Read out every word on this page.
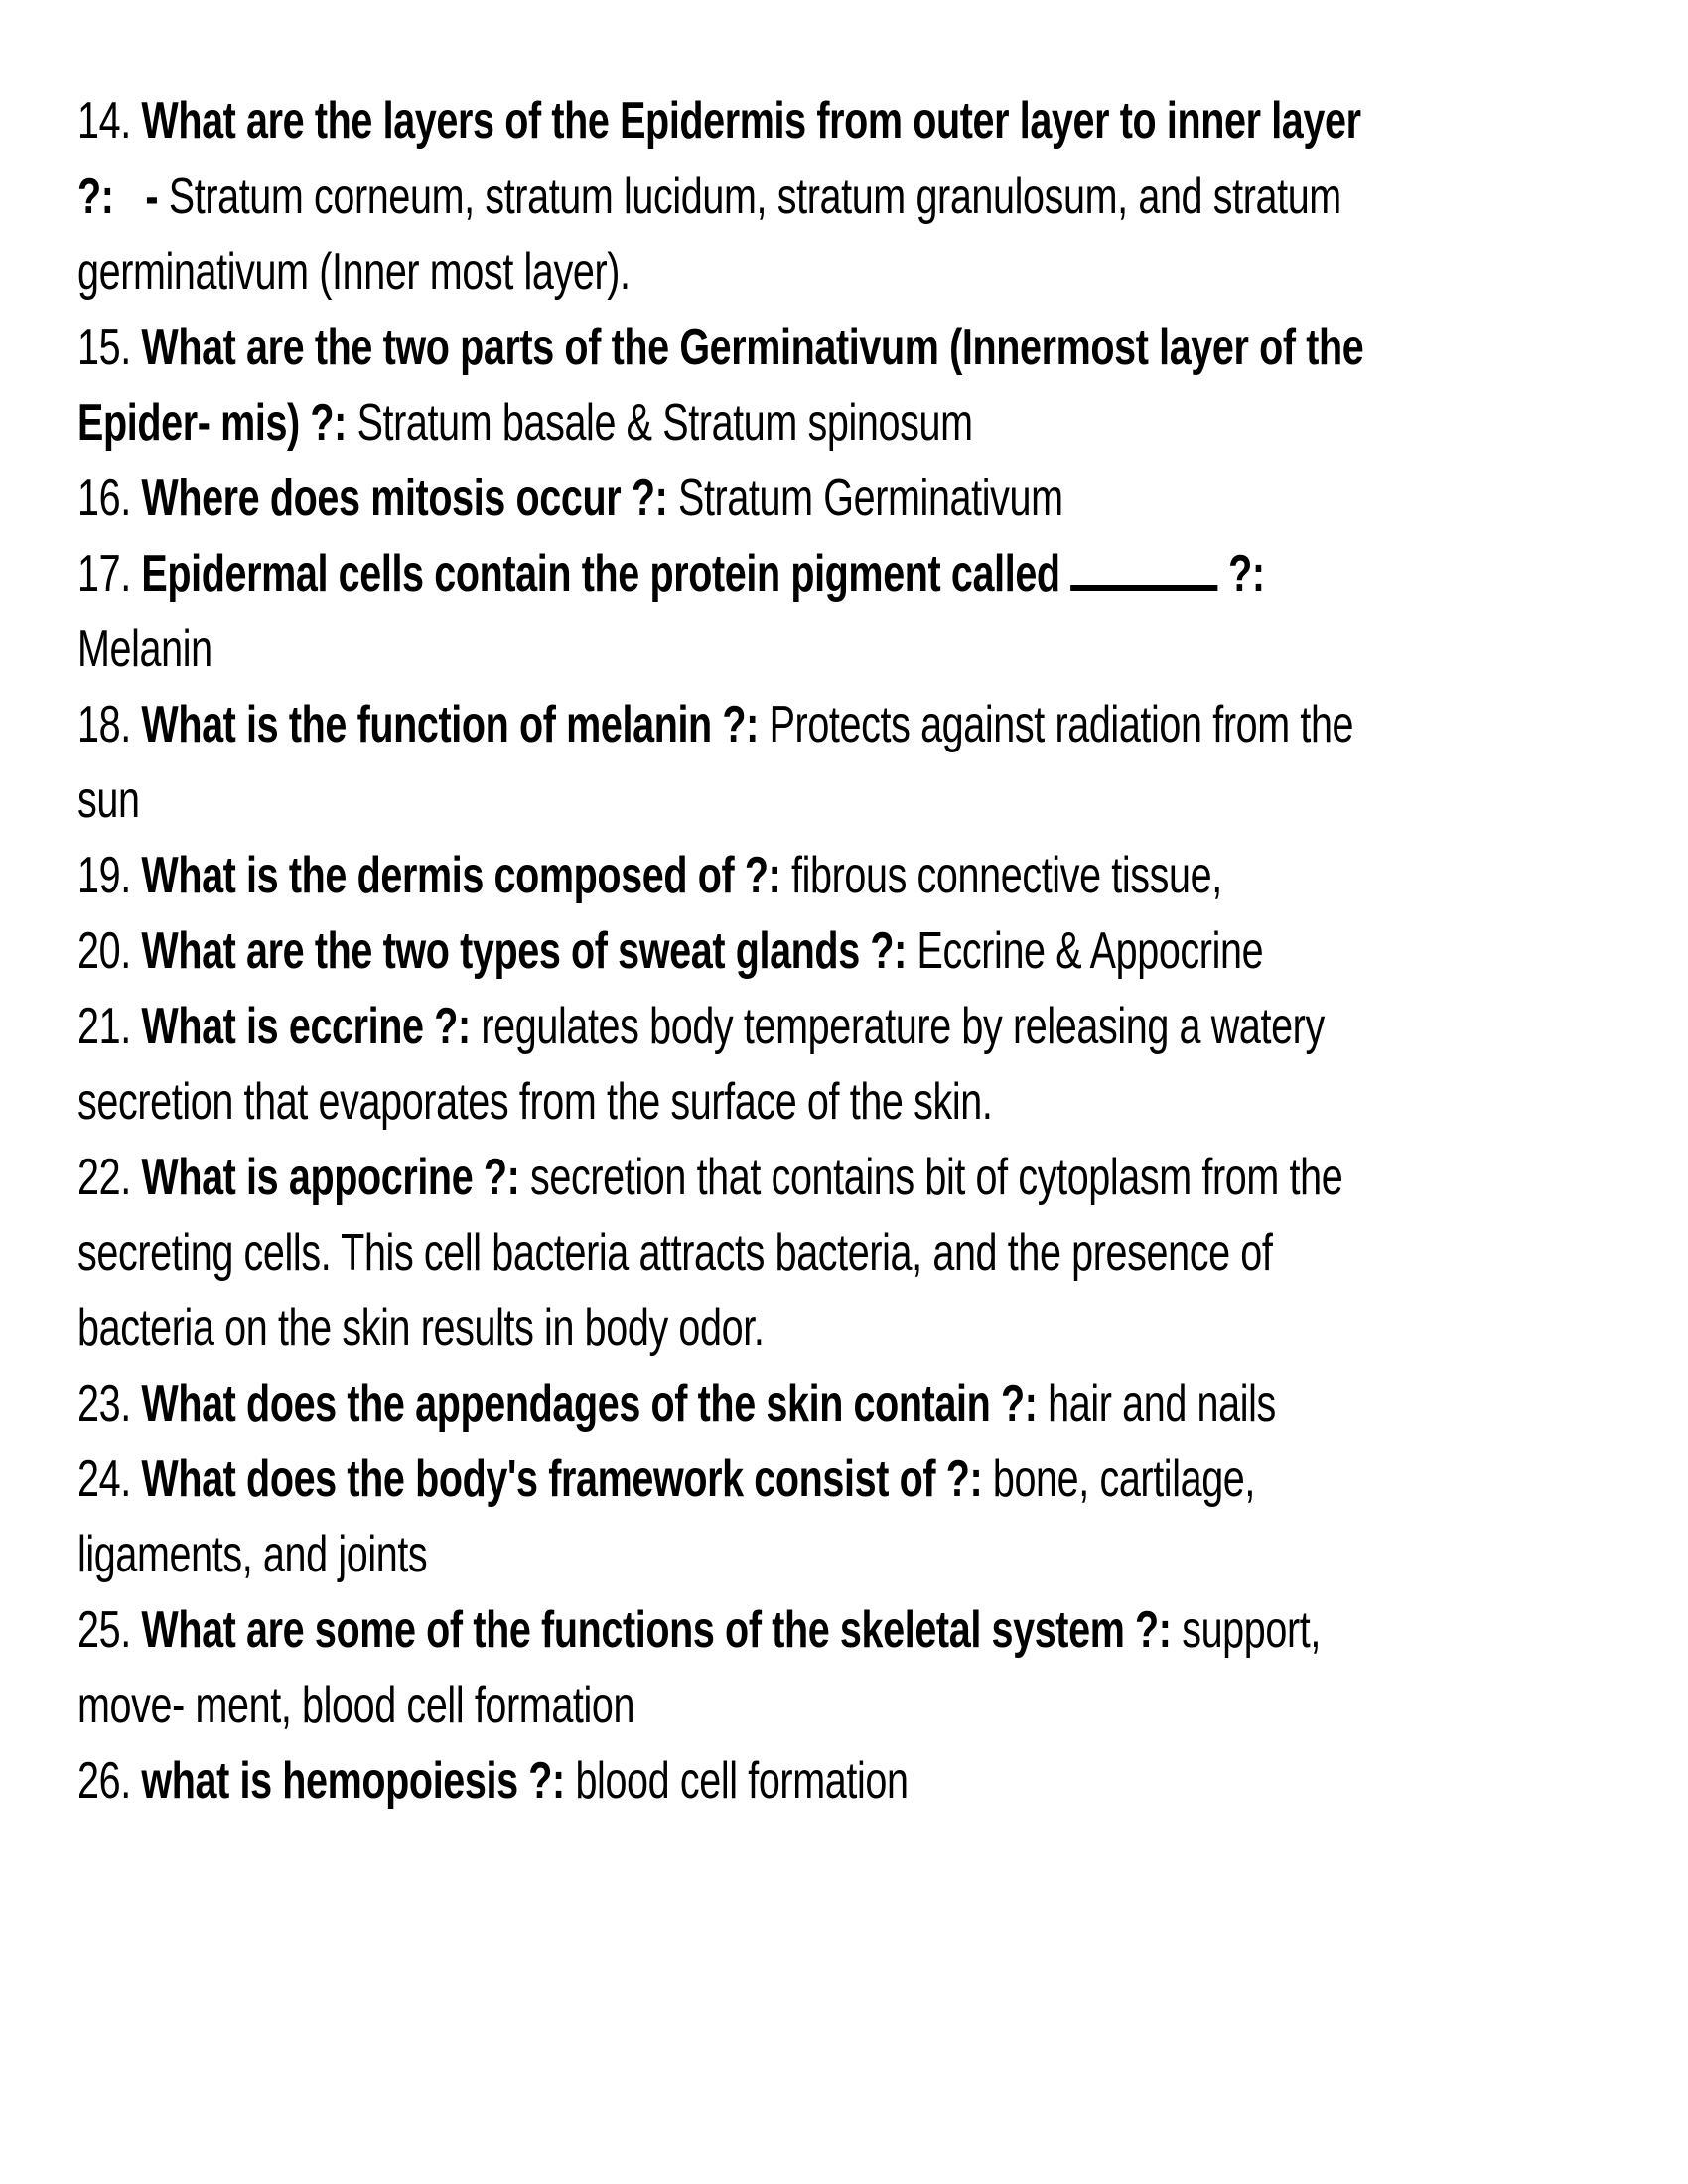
14. What are the layers of the Epidermis from outer layer to inner layer
?: - Stratum corneum, stratum lucidum, stratum granulosum, and stratum
germinativum (Inner most layer).
15. What are the two parts of the Germinativum (Innermost layer of the
Epider- mis) ?: Stratum basale & Stratum spinosum
16. Where does mitosis occur ?: Stratum Germinativum
17. Epidermal cells contain the protein pigment called	?:
Melanin
18. What is the function of melanin ?: Protects against radiation from the
sun
19. What is the dermis composed of ?: fibrous connective tissue,
20. What are the two types of sweat glands ?: Eccrine & Appocrine
21. What is eccrine ?: regulates body temperature by releasing a watery
secretion that evaporates from the surface of the skin.
22. What is appocrine ?: secretion that contains bit of cytoplasm from the
secreting cells. This cell bacteria attracts bacteria, and the presence of
bacteria on the skin results in body odor.
23. What does the appendages of the skin contain ?: hair and nails
24. What does the body's framework consist of ?: bone, cartilage,
ligaments, and joints
25. What are some of the functions of the skeletal system ?: support,
move- ment, blood cell formation
26. what is hemopoiesis ?: blood cell formation
